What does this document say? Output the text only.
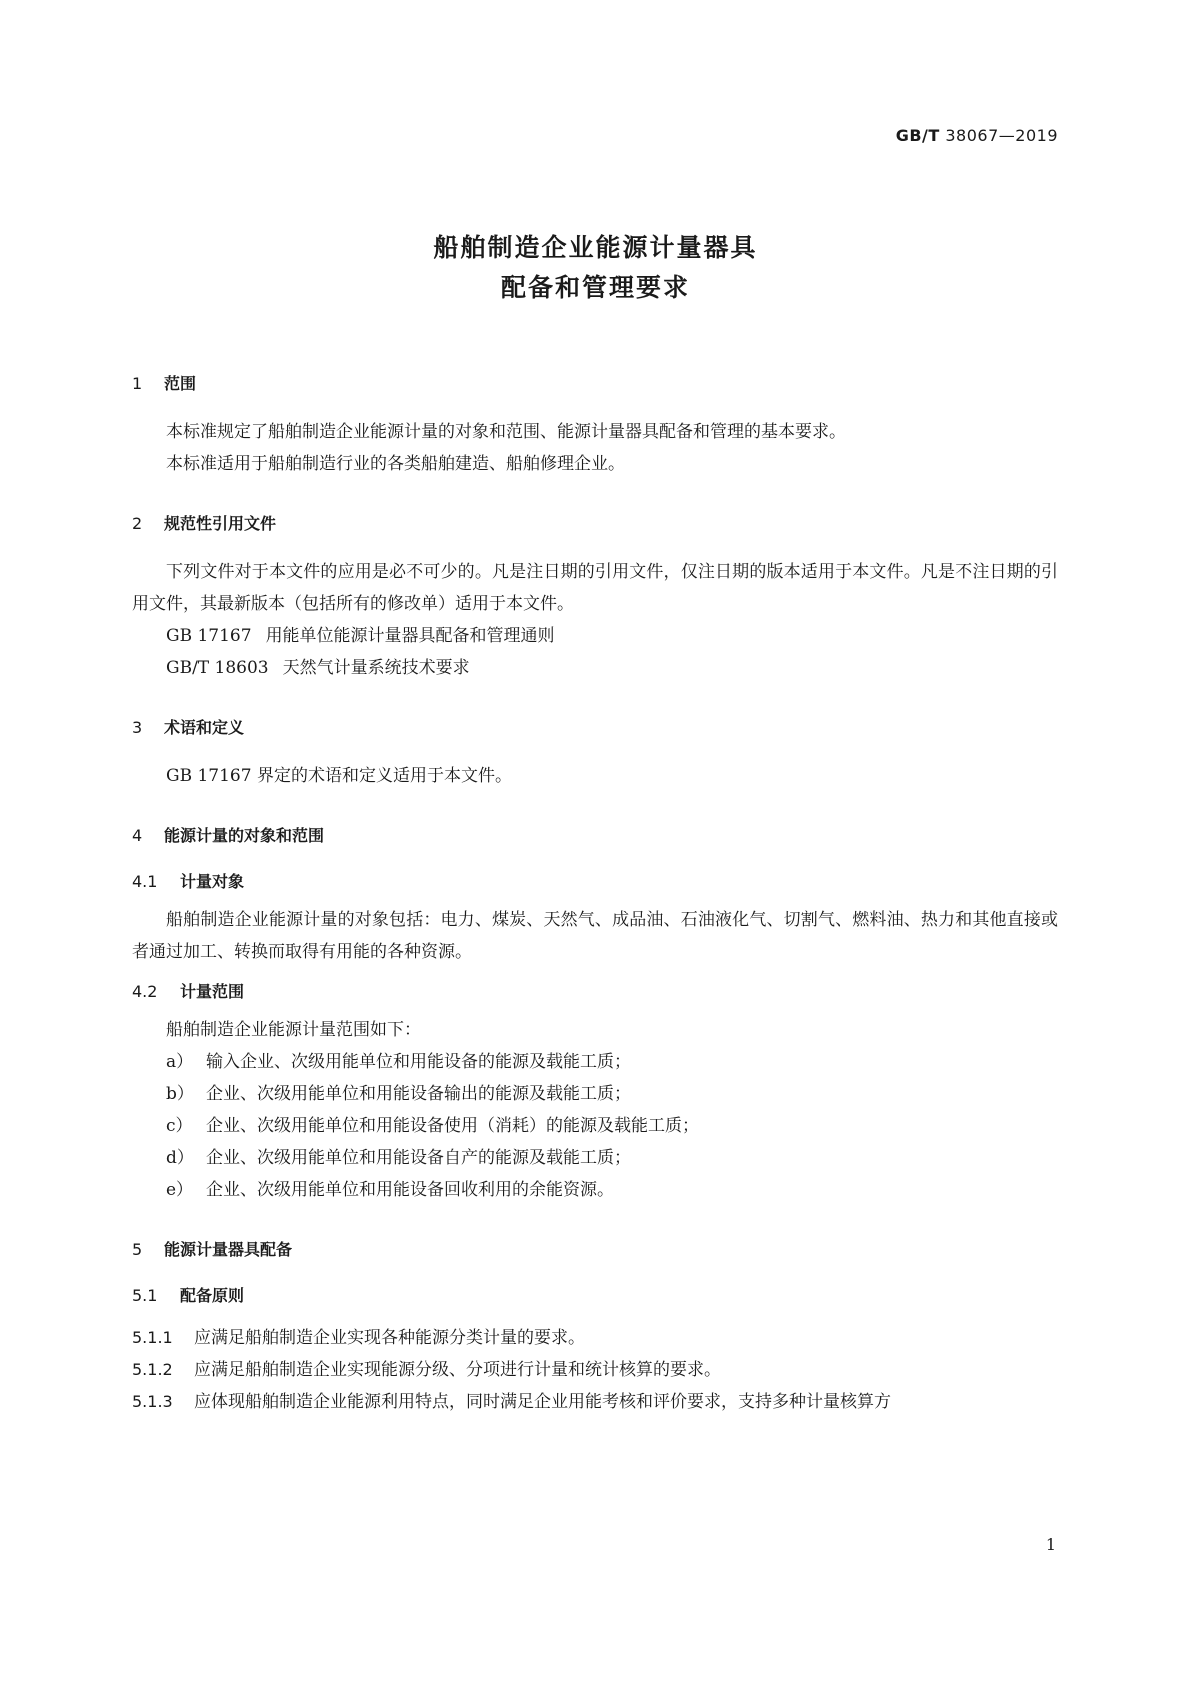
GB/T 38067—2019
船舶制造企业能源计量器具
配备和管理要求
1 范围
本标准规定了船舶制造企业能源计量的对象和范围、能源计量器具配备和管理的基本要求。
本标准适用于船舶制造行业的各类船舶建造、船舶修理企业。
2 规范性引用文件
下列文件对于本文件的应用是必不可少的。凡是注日期的引用文件，仅注日期的版本适用于本文件。凡是不注日期的引用文件，其最新版本（包括所有的修改单）适用于本文件。
GB 17167 用能单位能源计量器具配备和管理通则
GB/T 18603 天然气计量系统技术要求
3 术语和定义
GB 17167 界定的术语和定义适用于本文件。
4 能源计量的对象和范围
4.1 计量对象
船舶制造企业能源计量的对象包括：电力、煤炭、天然气、成品油、石油液化气、切割气、燃料油、热力和其他直接或者通过加工、转换而取得有用能的各种资源。
4.2 计量范围
船舶制造企业能源计量范围如下：
a） 输入企业、次级用能单位和用能设备的能源及载能工质；
b） 企业、次级用能单位和用能设备输出的能源及载能工质；
c） 企业、次级用能单位和用能设备使用（消耗）的能源及载能工质；
d） 企业、次级用能单位和用能设备自产的能源及载能工质；
e） 企业、次级用能单位和用能设备回收利用的余能资源。
5 能源计量器具配备
5.1 配备原则
5.1.1 应满足船舶制造企业实现各种能源分类计量的要求。
5.1.2 应满足船舶制造企业实现能源分级、分项进行计量和统计核算的要求。
5.1.3 应体现船舶制造企业能源利用特点，同时满足企业用能考核和评价要求，支持多种计量核算方
1
